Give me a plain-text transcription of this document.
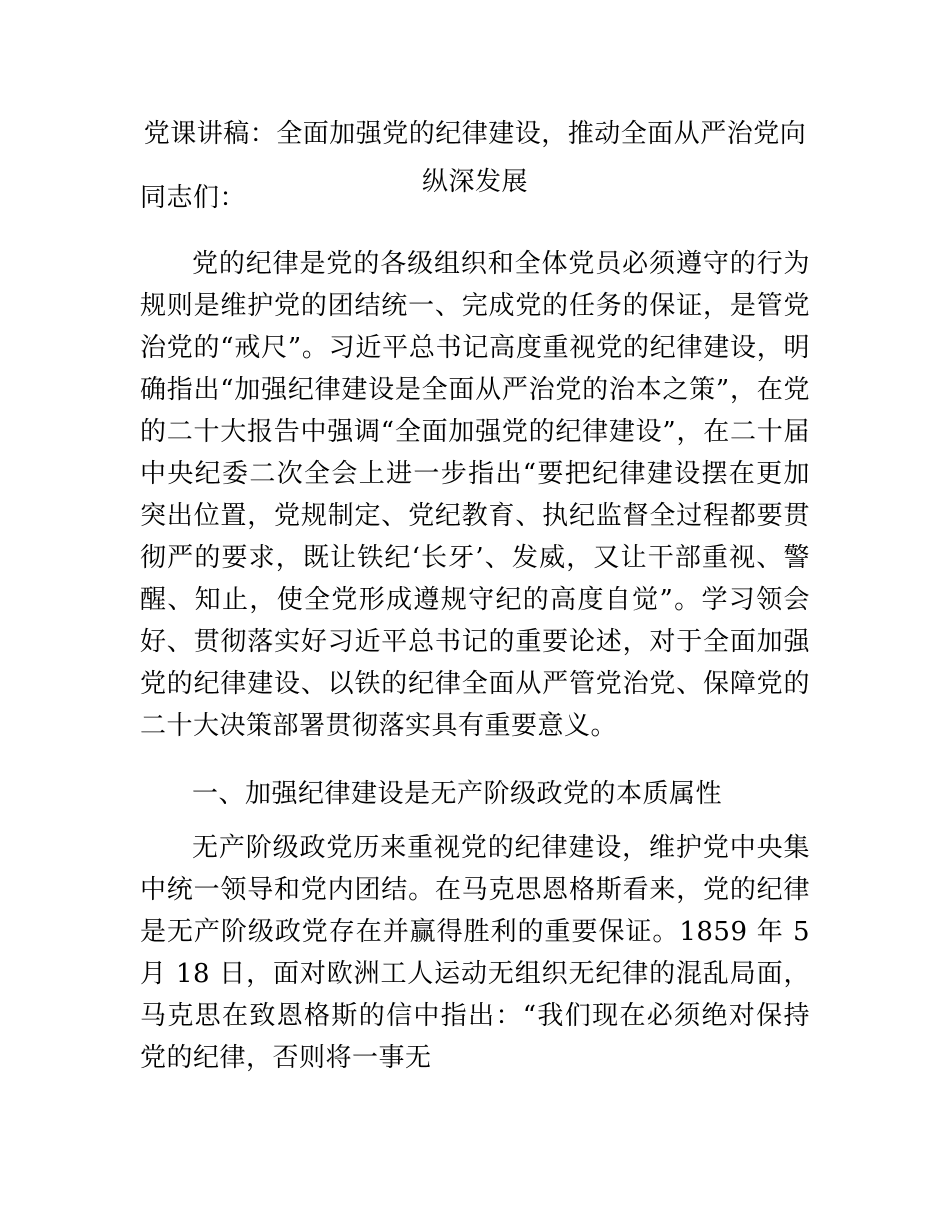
党课讲稿：全面加强党的纪律建设，推动全面从严治党向纵深发展

同志们：

党的纪律是党的各级组织和全体党员必须遵守的行为规则是维护党的团结统一、完成党的任务的保证，是管党治党的“戒尺”。习近平总书记高度重视党的纪律建设，明确指出“加强纪律建设是全面从严治党的治本之策”，在党的二十大报告中强调“全面加强党的纪律建设”，在二十届中央纪委二次全会上进一步指出“要把纪律建设摆在更加突出位置，党规制定、党纪教育、执纪监督全过程都要贯彻严的要求，既让铁纪‘长牙’、发威，又让干部重视、警醒、知止，使全党形成遵规守纪的高度自觉”。学习领会好、贯彻落实好习近平总书记的重要论述，对于全面加强党的纪律建设、以铁的纪律全面从严管党治党、保障党的二十大决策部署贯彻落实具有重要意义。

一、加强纪律建设是无产阶级政党的本质属性

无产阶级政党历来重视党的纪律建设，维护党中央集中统一领导和党内团结。在马克思恩格斯看来，党的纪律是无产阶级政党存在并赢得胜利的重要保证。1859 年 5 月 18 日，面对欧洲工人运动无组织无纪律的混乱局面，马克思在致恩格斯的信中指出：“我们现在必须绝对保持党的纪律，否则将一事无
